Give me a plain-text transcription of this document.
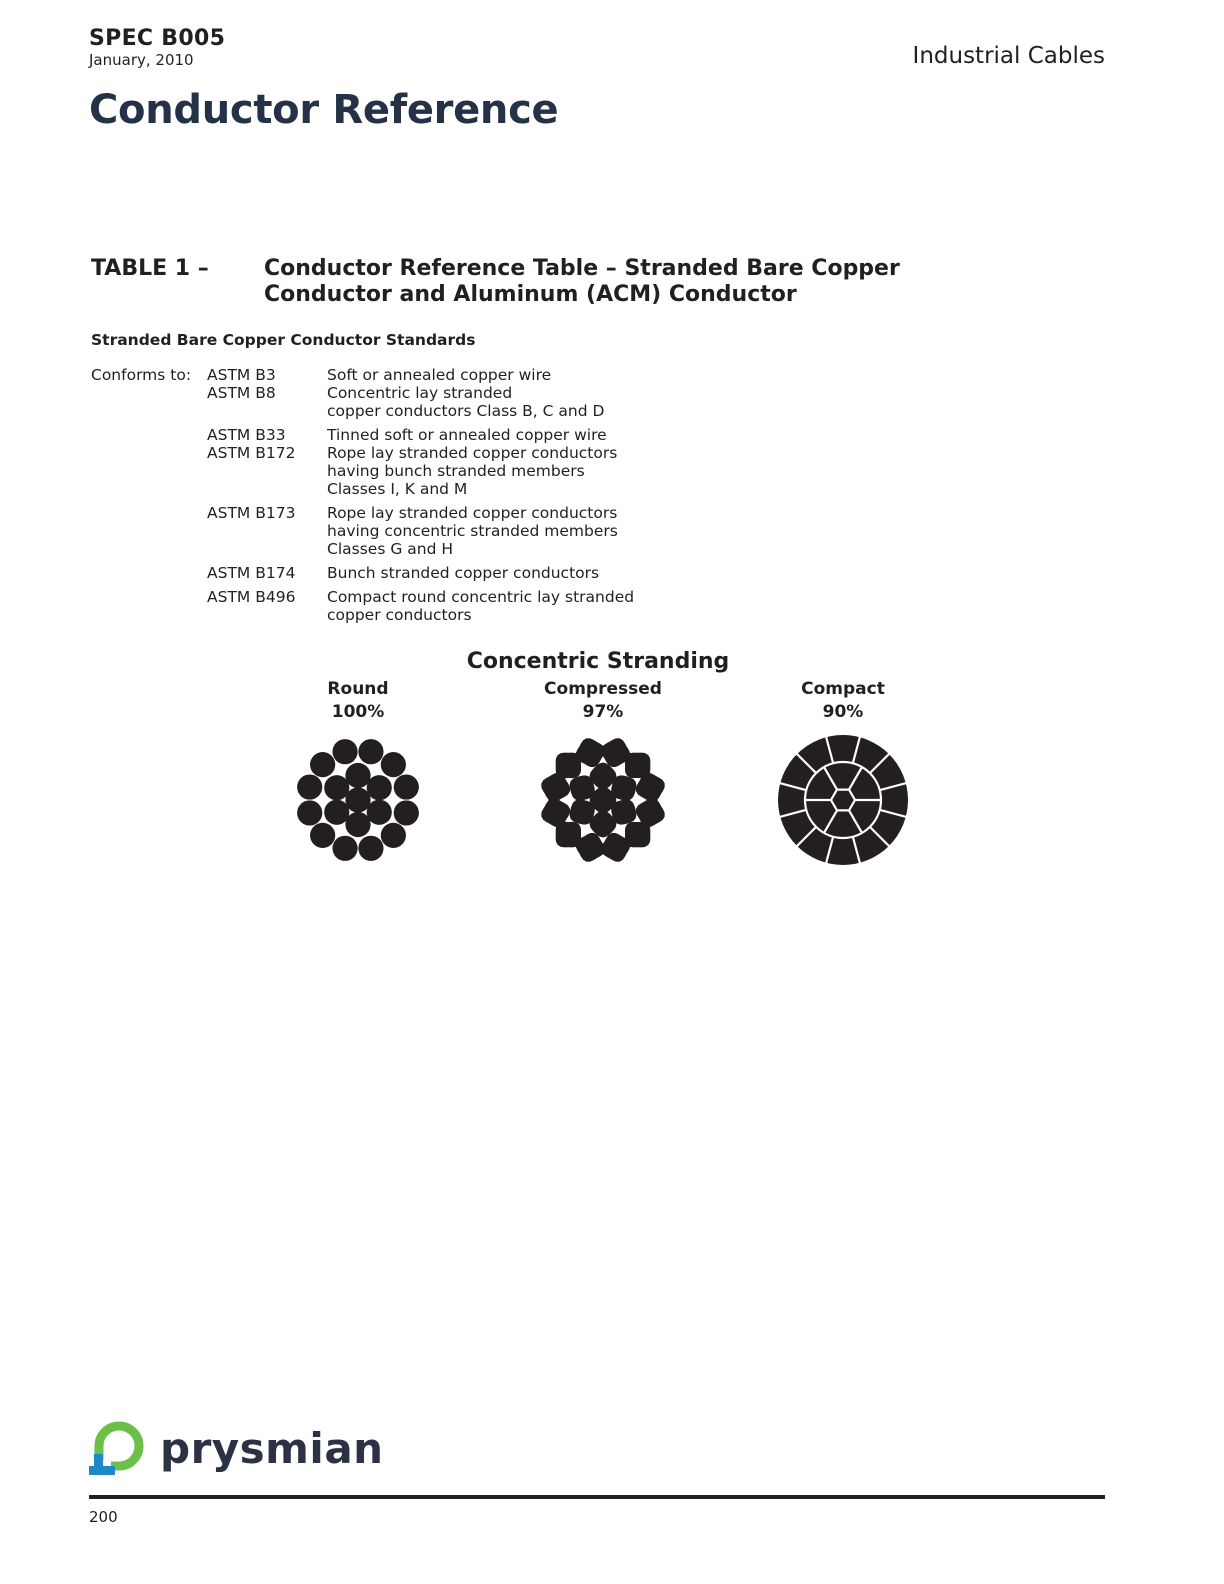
SPEC B005
January, 2010	Industrial Cables
Conductor Reference
TABLE 1 –	Conductor Reference Table – Stranded Bare Copper
Conductor and Aluminum (ACM) Conductor
Stranded Bare Copper Conductor Standards
Conforms to: ASTM B3	Soft or annealed copper wire
ASTM B8	Concentric lay stranded
copper conductors Class B, C and D
ASTM B33	Tinned soft or annealed copper wire
ASTM B172	Rope lay stranded copper conductors
having bunch stranded members
Classes I, K and M
ASTM B173	Rope lay stranded copper conductors
having concentric stranded members
Classes G and H
ASTM B174	Bunch stranded copper conductors
ASTM B496	Compact round concentric lay stranded
copper conductors
Concentric Stranding
Round
100%
Compressed
97%
Compact
90%
prysmian
200
